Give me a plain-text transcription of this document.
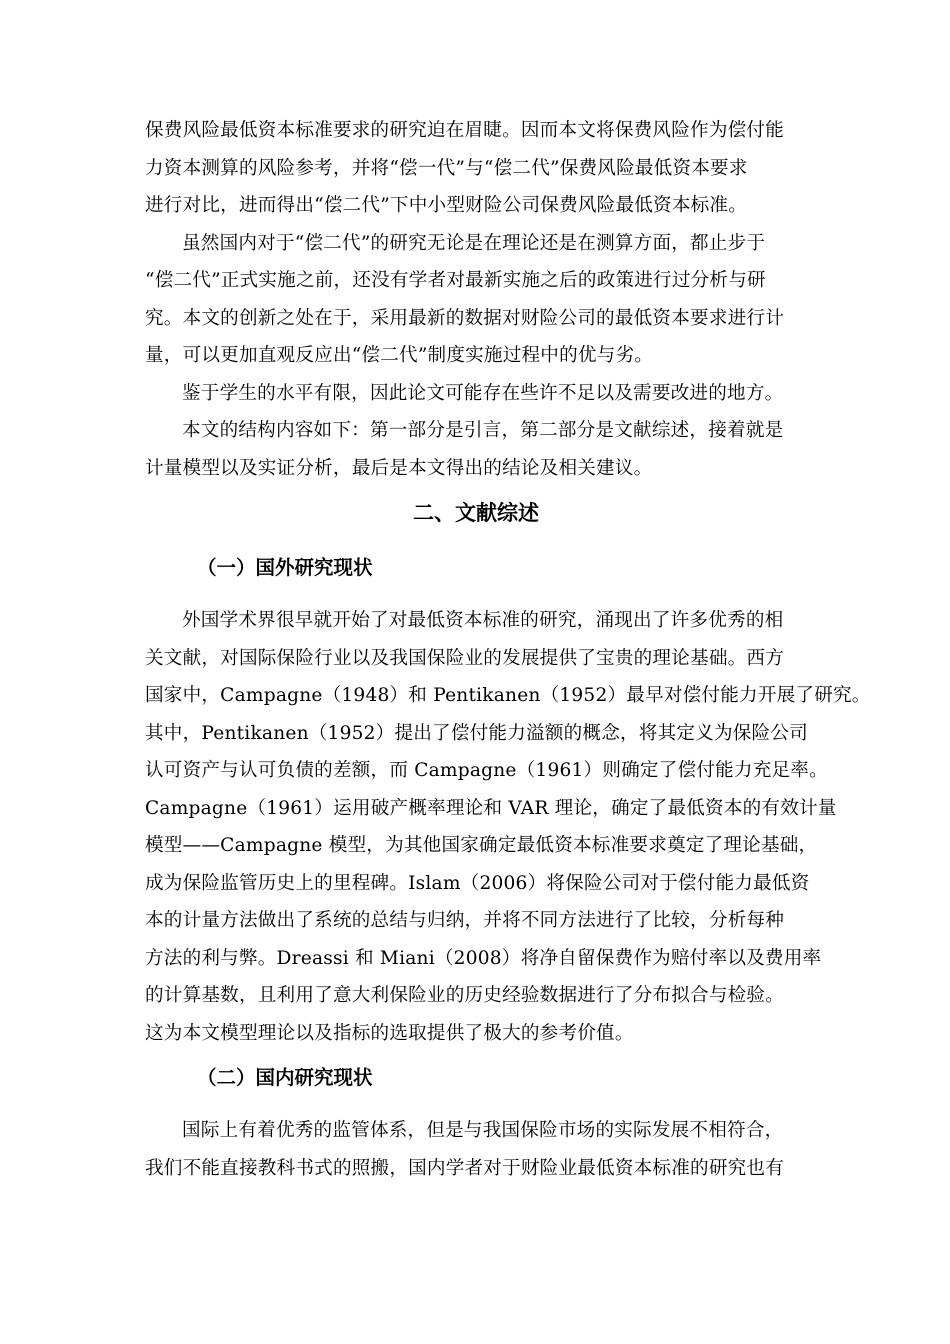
保费风险最低资本标准要求的研究迫在眉睫。因而本文将保费风险作为偿付能
力资本测算的风险参考，并将“偿一代”与“偿二代”保费风险最低资本要求
进行对比，进而得出“偿二代”下中小型财险公司保费风险最低资本标准。
虽然国内对于“偿二代”的研究无论是在理论还是在测算方面，都止步于
“偿二代”正式实施之前，还没有学者对最新实施之后的政策进行过分析与研
究。本文的创新之处在于，采用最新的数据对财险公司的最低资本要求进行计
量，可以更加直观反应出“偿二代”制度实施过程中的优与劣。
鉴于学生的水平有限，因此论文可能存在些许不足以及需要改进的地方。
本文的结构内容如下：第一部分是引言，第二部分是文献综述，接着就是
计量模型以及实证分析，最后是本文得出的结论及相关建议。
二、文献综述
（一）国外研究现状
外国学术界很早就开始了对最低资本标准的研究，涌现出了许多优秀的相
关文献，对国际保险行业以及我国保险业的发展提供了宝贵的理论基础。西方
国家中，Campagne（1948）和 Pentikanen（1952）最早对偿付能力开展了研究。
其中，Pentikanen（1952）提出了偿付能力溢额的概念，将其定义为保险公司
认可资产与认可负债的差额，而 Campagne（1961）则确定了偿付能力充足率。
Campagne（1961）运用破产概率理论和 VAR 理论，确定了最低资本的有效计量
模型——Campagne 模型，为其他国家确定最低资本标准要求奠定了理论基础，
成为保险监管历史上的里程碑。Islam（2006）将保险公司对于偿付能力最低资
本的计量方法做出了系统的总结与归纳，并将不同方法进行了比较，分析每种
方法的利与弊。Dreassi 和 Miani（2008）将净自留保费作为赔付率以及费用率
的计算基数，且利用了意大利保险业的历史经验数据进行了分布拟合与检验。
这为本文模型理论以及指标的选取提供了极大的参考价值。
（二）国内研究现状
国际上有着优秀的监管体系，但是与我国保险市场的实际发展不相符合，
我们不能直接教科书式的照搬，国内学者对于财险业最低资本标准的研究也有
